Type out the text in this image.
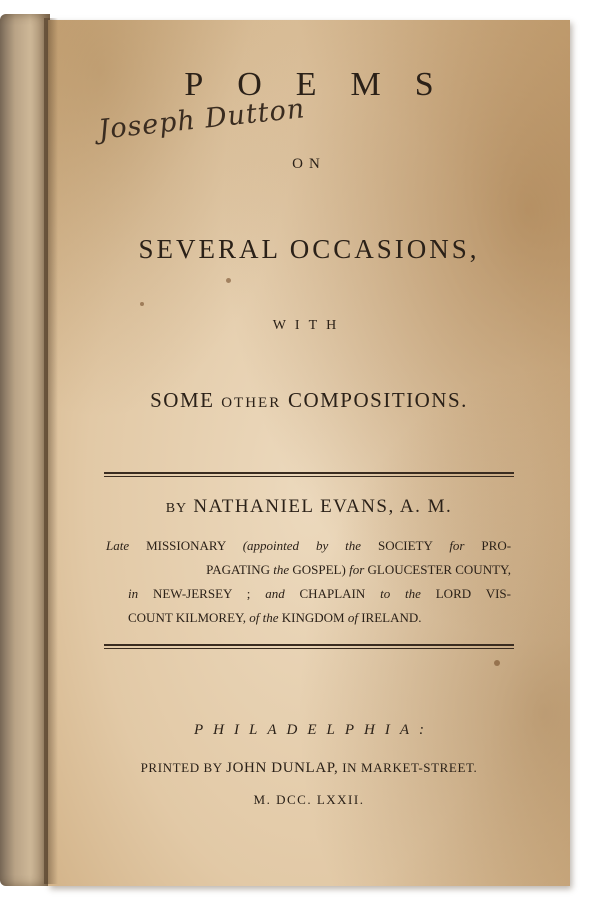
POEMS
Joseph Dutton
ON
SEVERAL OCCASIONS,
WITH
SOME OTHER COMPOSITIONS.
BY NATHANIEL EVANS, A. M.
Late MISSIONARY (appointed by the SOCIETY for PRO-
PAGATING the GOSPEL) for GLOUCESTER COUNTY,
in NEW-JERSEY ; and CHAPLAIN to the LORD VIS-
COUNT KILMOREY, of the KINGDOM of IRELAND.
PHILADELPHIA:
PRINTED BY JOHN DUNLAP, IN MARKET-STREET.
M. DCC. LXXII.
